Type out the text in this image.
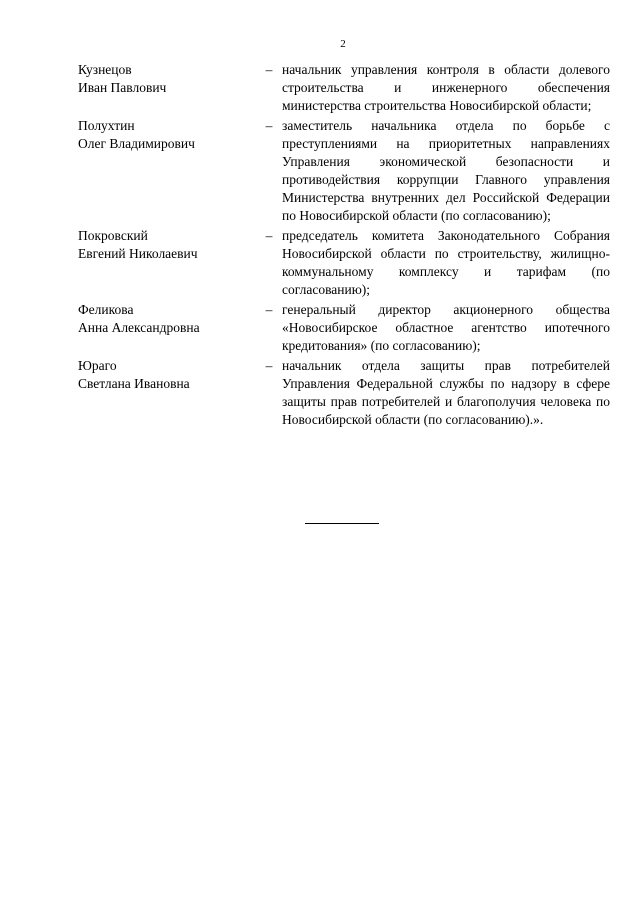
2
Кузнецов
Иван Павлович
– начальник управления контроля в области долевого строительства и инженерного обеспечения министерства строительства Новосибирской области;
Полухтин
Олег Владимирович
– заместитель начальника отдела по борьбе с преступлениями на приоритетных направлениях Управления экономической безопасности и противодействия коррупции Главного управления Министерства внутренних дел Российской Федерации по Новосибирской области (по согласованию);
Покровский
Евгений Николаевич
– председатель комитета Законодательного Собрания Новосибирской области по строительству, жилищно-коммунальному комплексу и тарифам (по согласованию);
Феликова
Анна Александровна
– генеральный директор акционерного общества «Новосибирское областное агентство ипотечного кредитования» (по согласованию);
Юраго
Светлана Ивановна
– начальник отдела защиты прав потребителей Управления Федеральной службы по надзору в сфере защиты прав потребителей и благополучия человека по Новосибирской области (по согласованию).».
